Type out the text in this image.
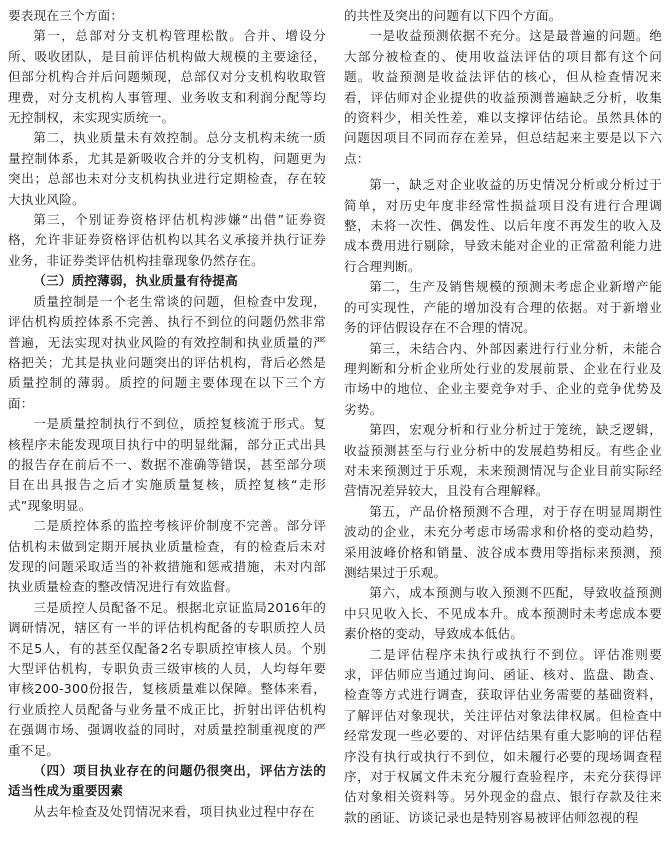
要表现在三个方面：

第一，总部对分支机构管理松散。合并、增设分所、吸收团队，是目前评估机构做大规模的主要途径，但部分机构合并后问题频现，总部仅对分支机构收取管理费，对分支机构人事管理、业务收支和利润分配等均无控制权，未实现实质统一。

第二，执业质量未有效控制。总分支机构未统一质量控制体系，尤其是新吸收合并的分支机构，问题更为突出；总部也未对分支机构执业进行定期检查，存在较大执业风险。

第三，个别证券资格评估机构涉嫌“出借”证券资格，允许非证券资格评估机构以其名义承接并执行证券业务，非证券类评估机构挂靠现象仍然存在。

（三）质控薄弱，执业质量有待提高

质量控制是一个老生常谈的问题，但检查中发现，评估机构质控体系不完善、执行不到位的问题仍然非常普遍，无法实现对执业风险的有效控制和执业质量的严格把关；尤其是执业问题突出的评估机构，背后必然是质量控制的薄弱。质控的问题主要体现在以下三个方面：

一是质量控制执行不到位，质控复核流于形式。复核程序未能发现项目执行中的明显纰漏，部分正式出具的报告存在前后不一、数据不准确等错误，甚至部分项目在出具报告之后才实施质量复核，质控复核“走形式”现象明显。

二是质控体系的监控考核评价制度不完善。部分评估机构未做到定期开展执业质量检查，有的检查后未对发现的问题采取适当的补救措施和惩戒措施，未对内部执业质量检查的整改情况进行有效监督。

三是质控人员配备不足。根据北京证监局2016年的调研情况，辖区有一半的评估机构配备的专职质控人员不足5人，有的甚至仅配备2名专职质控审核人员。个别大型评估机构，专职负责三级审核的人员，人均每年要审核200-300份报告，复核质量难以保障。整体来看，行业质控人员配备与业务量不成正比，折射出评估机构在强调市场、强调收益的同时，对质量控制重视度的严重不足。

（四）项目执业存在的问题仍很突出，评估方法的适当性成为重要因素

从去年检查及处罚情况来看，项目执业过程中存在

的共性及突出的问题有以下四个方面。

一是收益预测依据不充分。这是最普遍的问题。绝大部分被检查的、使用收益法评估的项目都有这个问题。收益预测是收益法评估的核心，但从检查情况来看，评估师对企业提供的收益预测普遍缺乏分析，收集的资料少，相关性差，难以支撑评估结论。虽然具体的问题因项目不同而存在差异，但总结起来主要是以下六点：

第一，缺乏对企业收益的历史情况分析或分析过于简单，对历史年度非经常性损益项目没有进行合理调整，未将一次性、偶发性、以后年度不再发生的收入及成本费用进行剔除，导致未能对企业的正常盈利能力进行合理判断。

第二，生产及销售规模的预测未考虑企业新增产能的可实现性，产能的增加没有合理的依据。对于新增业务的评估假设存在不合理的情况。

第三，未结合内、外部因素进行行业分析，未能合理判断和分析企业所处行业的发展前景、企业在行业及市场中的地位、企业主要竞争对手、企业的竞争优势及劣势。

第四，宏观分析和行业分析过于笼统，缺乏逻辑，收益预测甚至与行业分析中的发展趋势相反。有些企业对未来预测过于乐观，未来预测情况与企业目前实际经营情况差异较大，且没有合理解释。

第五，产品价格预测不合理，对于存在明显周期性波动的企业，未充分考虑市场需求和价格的变动趋势，采用波峰价格和销量、波谷成本费用等指标来预测，预测结果过于乐观。

第六，成本预测与收入预测不匹配，导致收益预测中只见收入长、不见成本升。成本预测时未考虑成本要素价格的变动，导致成本低估。

二是评估程序未执行或执行不到位。评估准则要求，评估师应当通过询问、函证、核对、监盘、勘查、检查等方式进行调查，获取评估业务需要的基础资料，了解评估对象现状，关注评估对象法律权属。但检查中经常发现一些必要的、对评估结果有重大影响的评估程序没有执行或执行不到位，如未履行必要的现场调查程序，对于权属文件未充分履行查验程序，未充分获得评估对象相关资料等。另外现金的盘点、银行存款及往来款的函证、访谈记录也是特别容易被评估师忽视的程
